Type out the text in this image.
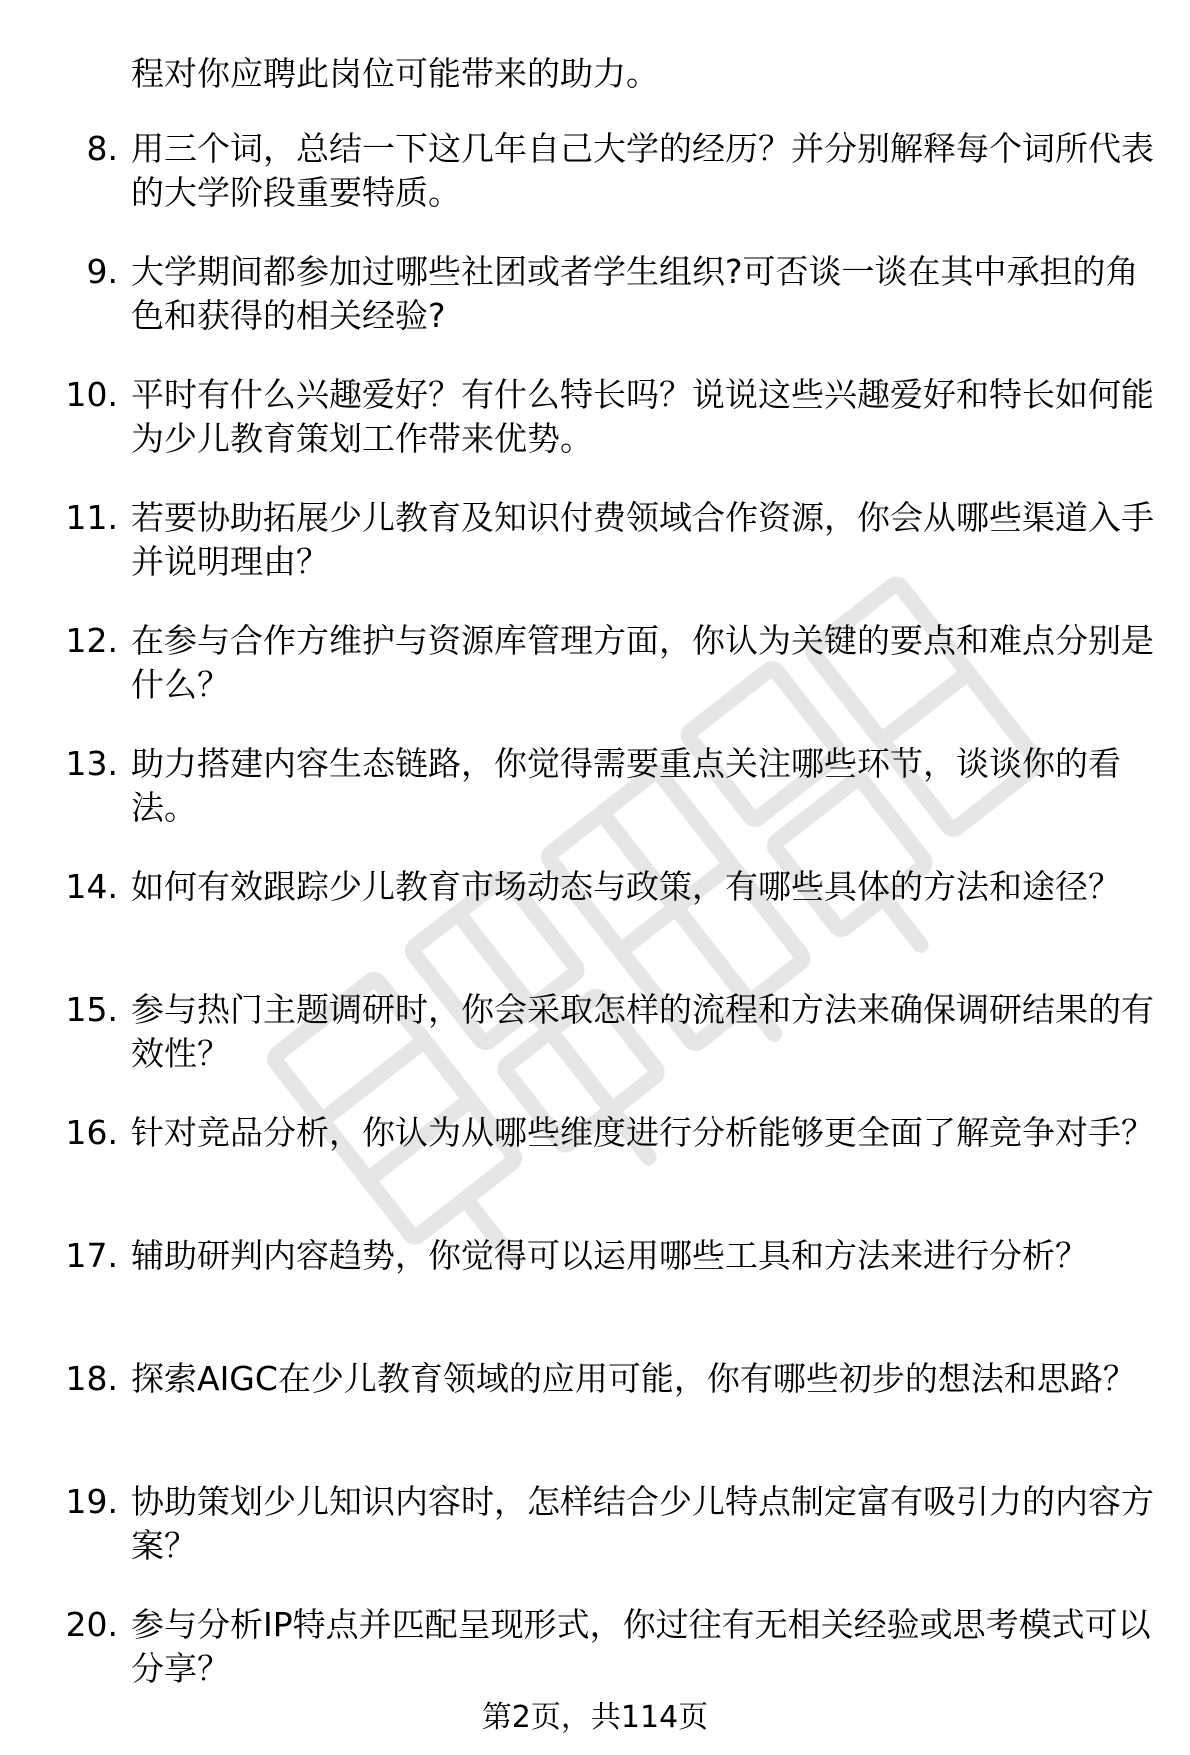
程对你应聘此岗位可能带来的助力。
8. 用三个词，总结一下这几年自己大学的经历？并分别解释每个词所代表的大学阶段重要特质。
9. 大学期间都参加过哪些社团或者学生组织?可否谈一谈在其中承担的角色和获得的相关经验?
10. 平时有什么兴趣爱好？有什么特长吗？说说这些兴趣爱好和特长如何能为少儿教育策划工作带来优势。
11. 若要协助拓展少儿教育及知识付费领域合作资源，你会从哪些渠道入手并说明理由？
12. 在参与合作方维护与资源库管理方面，你认为关键的要点和难点分别是什么？
13. 助力搭建内容生态链路，你觉得需要重点关注哪些环节，谈谈你的看法。
14. 如何有效跟踪少儿教育市场动态与政策，有哪些具体的方法和途径？
15. 参与热门主题调研时，你会采取怎样的流程和方法来确保调研结果的有效性？
16. 针对竞品分析，你认为从哪些维度进行分析能够更全面了解竞争对手？
17. 辅助研判内容趋势，你觉得可以运用哪些工具和方法来进行分析？
18. 探索AIGC在少儿教育领域的应用可能，你有哪些初步的想法和思路？
19. 协助策划少儿知识内容时，怎样结合少儿特点制定富有吸引力的内容方案？
20. 参与分析IP特点并匹配呈现形式，你过往有无相关经验或思考模式可以分享？
第2页，共114页
